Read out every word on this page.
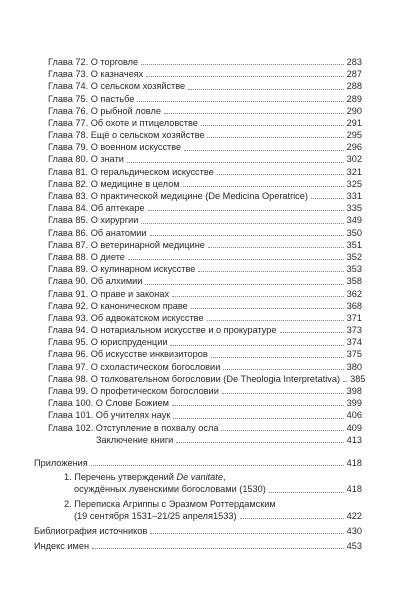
Глава 72. О торговле	283
Глава 73. О казначеях	287
Глава 74. О сельском хозяйстве	288
Глава 75. О пастьбе	289
Глава 76. О рыбной ловле	290
Глава 77. Об охоте и птицеловстве	291
Глава 78. Ещё о сельском хозяйстве	295
Глава 79. О военном искусстве	296
Глава 80. О знати	302
Глава 81. О геральдическом искусстве	321
Глава 82. О медицине в целом	325
Глава 83. О практической медицине (De Medicina Operatrice)	331
Глава 84. Об аптекаре	335
Глава 85. О хирургии	349
Глава 86. Об анатомии	350
Глава 87. О ветеринарной медицине	351
Глава 88. О диете	352
Глава 89. О кулинарном искусстве	353
Глава 90. Об алхимии	358
Глава 91. О праве и законах	362
Глава 92. О каноническом праве	368
Глава 93. Об адвокатском искусстве	371
Глава 94. О нотариальном искусстве и о прокуратуре	373
Глава 95. О юриспруденции	374
Глава 96. Об искусстве инквизиторов	375
Глава 97. О схоластическом богословии	380
Глава 98. О толковательном богословии (De Theologia Interpretativa) 385
Глава 99. О профетическом богословии	398
Глава 100. О Слове Божием	399
Глава 101. Об учителях наук	406
Глава 102. Отступление в похвалу осла	409
Заключение книги	413
Приложения	418
1. Перечень утверждений De vanitate,
осуждённых лувенскими богословами (1530)	418
2. Переписка Агриппы с Эразмом Роттердамским
(19 сентября 1531–21/25 апреля1533)	422
Библиография источников	430
Индекс имен	453
